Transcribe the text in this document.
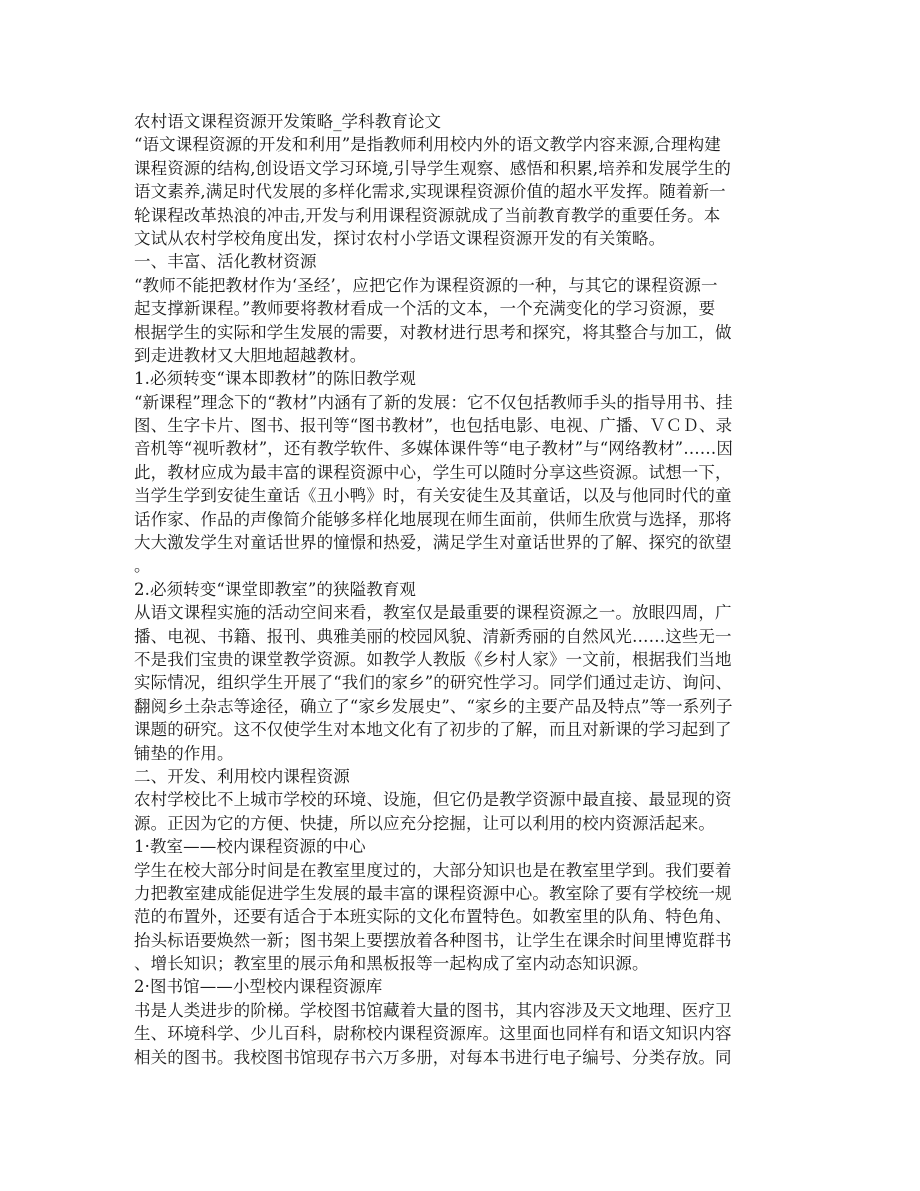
农村语文课程资源开发策略_学科教育论文
“语文课程资源的开发和利用”是指教师利用校内外的语文教学内容来源,合理构建
课程资源的结构,创设语文学习环境,引导学生观察、感悟和积累,培养和发展学生的
语文素养,满足时代发展的多样化需求,实现课程资源价值的超水平发挥。随着新一
轮课程改革热浪的冲击,开发与利用课程资源就成了当前教育教学的重要任务。本
文试从农村学校角度出发，探讨农村小学语文课程资源开发的有关策略。
一、丰富、活化教材资源
“教师不能把教材作为‘圣经’，应把它作为课程资源的一种，与其它的课程资源一
起支撑新课程。”教师要将教材看成一个活的文本，一个充满变化的学习资源，要
根据学生的实际和学生发展的需要，对教材进行思考和探究，将其整合与加工，做
到走进教材又大胆地超越教材。
1.必须转变“课本即教材”的陈旧教学观
“新课程”理念下的“教材”内涵有了新的发展：它不仅包括教师手头的指导用书、挂
图、生字卡片、图书、报刊等“图书教材”，也包括电影、电视、广播、ＶＣＤ、录
音机等“视听教材”，还有教学软件、多媒体课件等“电子教材”与“网络教材”……因
此，教材应成为最丰富的课程资源中心，学生可以随时分享这些资源。试想一下，
当学生学到安徒生童话《丑小鸭》时，有关安徒生及其童话，以及与他同时代的童
话作家、作品的声像简介能够多样化地展现在师生面前，供师生欣赏与选择，那将
大大激发学生对童话世界的憧憬和热爱，满足学生对童话世界的了解、探究的欲望
。
2.必须转变“课堂即教室”的狭隘教育观
从语文课程实施的活动空间来看，教室仅是最重要的课程资源之一。放眼四周，广
播、电视、书籍、报刊、典雅美丽的校园风貌、清新秀丽的自然风光……这些无一
不是我们宝贵的课堂教学资源。如教学人教版《乡村人家》一文前，根据我们当地
实际情况，组织学生开展了“我们的家乡”的研究性学习。同学们通过走访、询问、
翻阅乡土杂志等途径，确立了“家乡发展史”、“家乡的主要产品及特点”等一系列子
课题的研究。这不仅使学生对本地文化有了初步的了解，而且对新课的学习起到了
铺垫的作用。
二、开发、利用校内课程资源
农村学校比不上城市学校的环境、设施，但它仍是教学资源中最直接、最显现的资
源。正因为它的方便、快捷，所以应充分挖掘，让可以利用的校内资源活起来。
1·教室——校内课程资源的中心
学生在校大部分时间是在教室里度过的，大部分知识也是在教室里学到。我们要着
力把教室建成能促进学生发展的最丰富的课程资源中心。教室除了要有学校统一规
范的布置外，还要有适合于本班实际的文化布置特色。如教室里的队角、特色角、
抬头标语要焕然一新；图书架上要摆放着各种图书，让学生在课余时间里博览群书
、增长知识；教室里的展示角和黑板报等一起构成了室内动态知识源。
2·图书馆——小型校内课程资源库
书是人类进步的阶梯。学校图书馆藏着大量的图书，其内容涉及天文地理、医疗卫
生、环境科学、少儿百科，尉称校内课程资源库。这里面也同样有和语文知识内容
相关的图书。我校图书馆现存书六万多册，对每本书进行电子编号、分类存放。同
